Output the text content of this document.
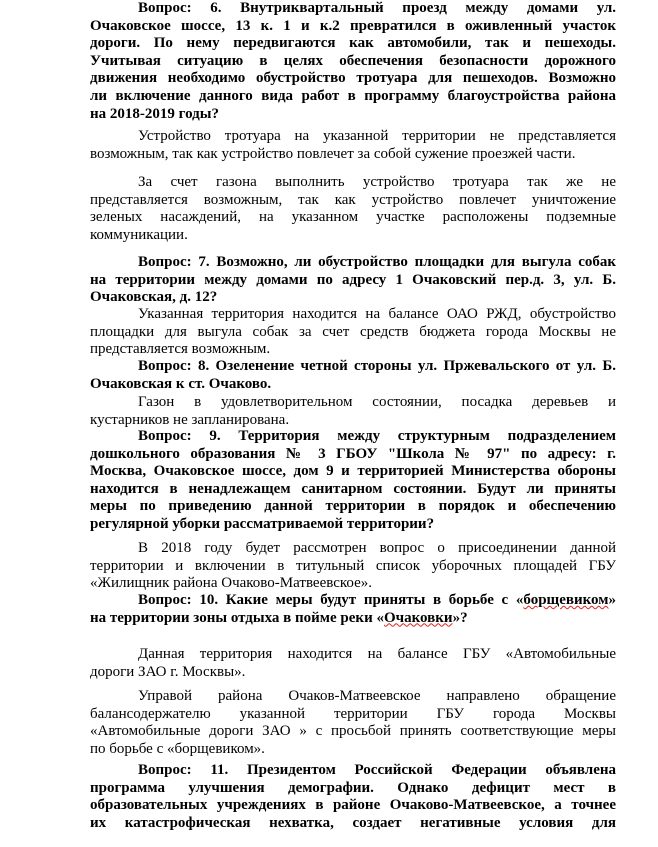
Вопрос: 6. Внутриквартальный проезд между домами ул.
Очаковское шоссе, 13 к. 1 и к.2 превратился в оживленный участок
дороги. По нему передвигаются как автомобили, так и пешеходы.
Учитывая ситуацию в целях обеспечения безопасности дорожного
движения необходимо обустройство тротуара для пешеходов. Возможно
ли включение данного вида работ в программу благоустройства района
на 2018-2019 годы?
Устройство тротуара на указанной территории не представляется
возможным, так как устройство повлечет за собой сужение проезжей части.
За счет газона выполнить устройство тротуара так же не
представляется возможным, так как устройство повлечет уничтожение
зеленых насаждений, на указанном участке расположены подземные
коммуникации.
Вопрос: 7. Возможно, ли обустройство площадки для выгула собак
на территории между домами по адресу 1 Очаковский пер.д. 3, ул. Б.
Очаковская, д. 12?
Указанная территория находится на балансе ОАО РЖД, обустройство
площадки для выгула собак за счет средств бюджета города Москвы не
представляется возможным.
Вопрос: 8. Озеленение четной стороны ул. Пржевальского от ул. Б.
Очаковская к ст. Очаково.
Газон в удовлетворительном состоянии, посадка деревьев и
кустарников не запланирована.
Вопрос: 9. Территория между структурным подразделением
дошкольного образования № 3 ГБОУ "Школа № 97" по адресу: г.
Москва, Очаковское шоссе, дом 9 и территорией Министерства обороны
находится в ненадлежащем санитарном состоянии. Будут ли приняты
меры по приведению данной территории в порядок и обеспечению
регулярной уборки рассматриваемой территории?
В 2018 году будет рассмотрен вопрос о присоединении данной
территории и включении в титульный список уборочных площадей ГБУ
«Жилищник района Очаково-Матвеевское».
Вопрос: 10. Какие меры будут приняты в борьбе с «борщевиком»
на территории зоны отдыха в пойме реки «Очаковки»?
Данная территория находится на балансе ГБУ «Автомобильные
дороги ЗАО г. Москвы».
Управой района Очаков-Матвеевское направлено обращение
балансодержателю указанной территории ГБУ города Москвы
«Автомобильные дороги ЗАО » с просьбой принять соответствующие меры
по борьбе с «борщевиком».
Вопрос: 11. Президентом Российской Федерации объявлена
программа улучшения демографии. Однако дефицит мест в
образовательных учреждениях в районе Очаково-Матвеевское, а точнее
их катастрофическая нехватка, создает негативные условия для
